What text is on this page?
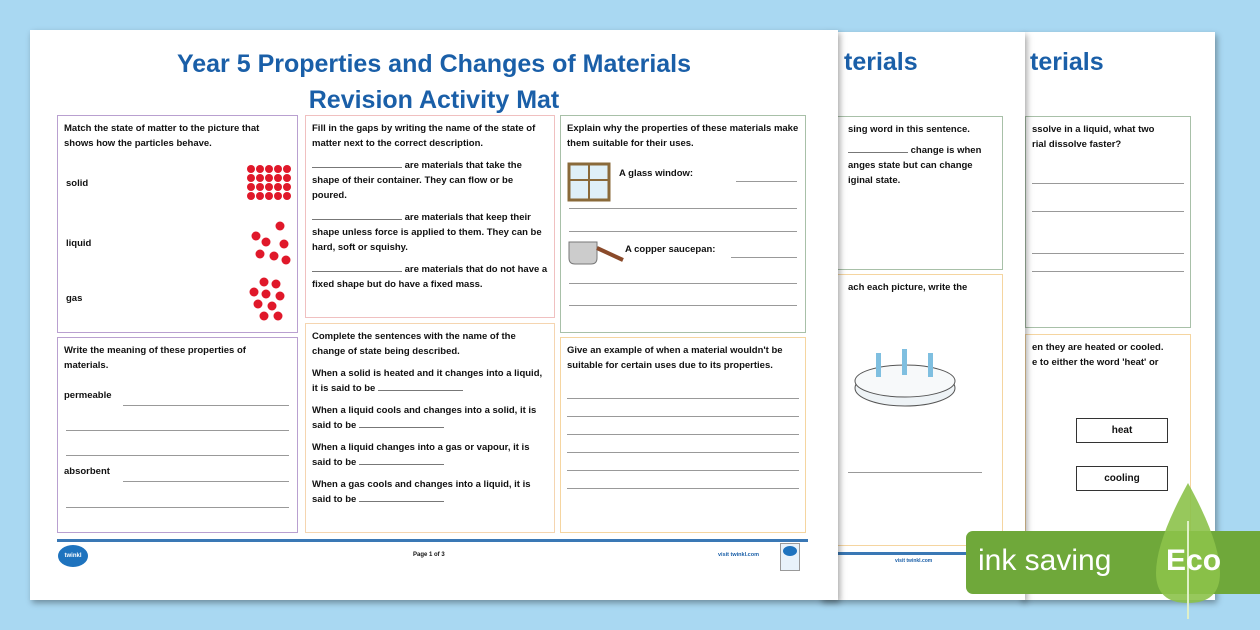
terials
ssolve in a liquid, what two
rial dissolve faster?
en they are heated or cooled.
e to either the word 'heat' or
heat
cooling
terials
sing word in this sentence.
change is when
anges state but can change
iginal state.
ach each picture, write the
visit twinkl.com
Year 5 Properties and Changes of Materials
Revision Activity Mat
Match the state of matter to the picture that shows how the particles behave.
solid
liquid
gas
Fill in the gaps by writing the name of the state of matter next to the correct description.
are materials that take the shape of their container. They can flow or be poured.
are materials that keep their shape unless force is applied to them. They can be hard, soft or squishy.
are materials that do not have a fixed shape but do have a fixed mass.
Explain why the properties of these materials make them suitable for their uses.
A glass window:
A copper saucepan:
Write the meaning of these properties of materials.
permeable
absorbent
Complete the sentences with the name of the change of state being described.
When a solid is heated and it changes into a liquid, it is said to be
When a liquid cools and changes into a solid, it is said to be
When a liquid changes into a gas or vapour, it is said to be
When a gas cools and changes into a liquid, it is said to be
Give an example of when a material wouldn't be suitable for certain uses due to its properties.
twinkl	Page 1 of 3	visit twinkl.com	ink saving Eco
